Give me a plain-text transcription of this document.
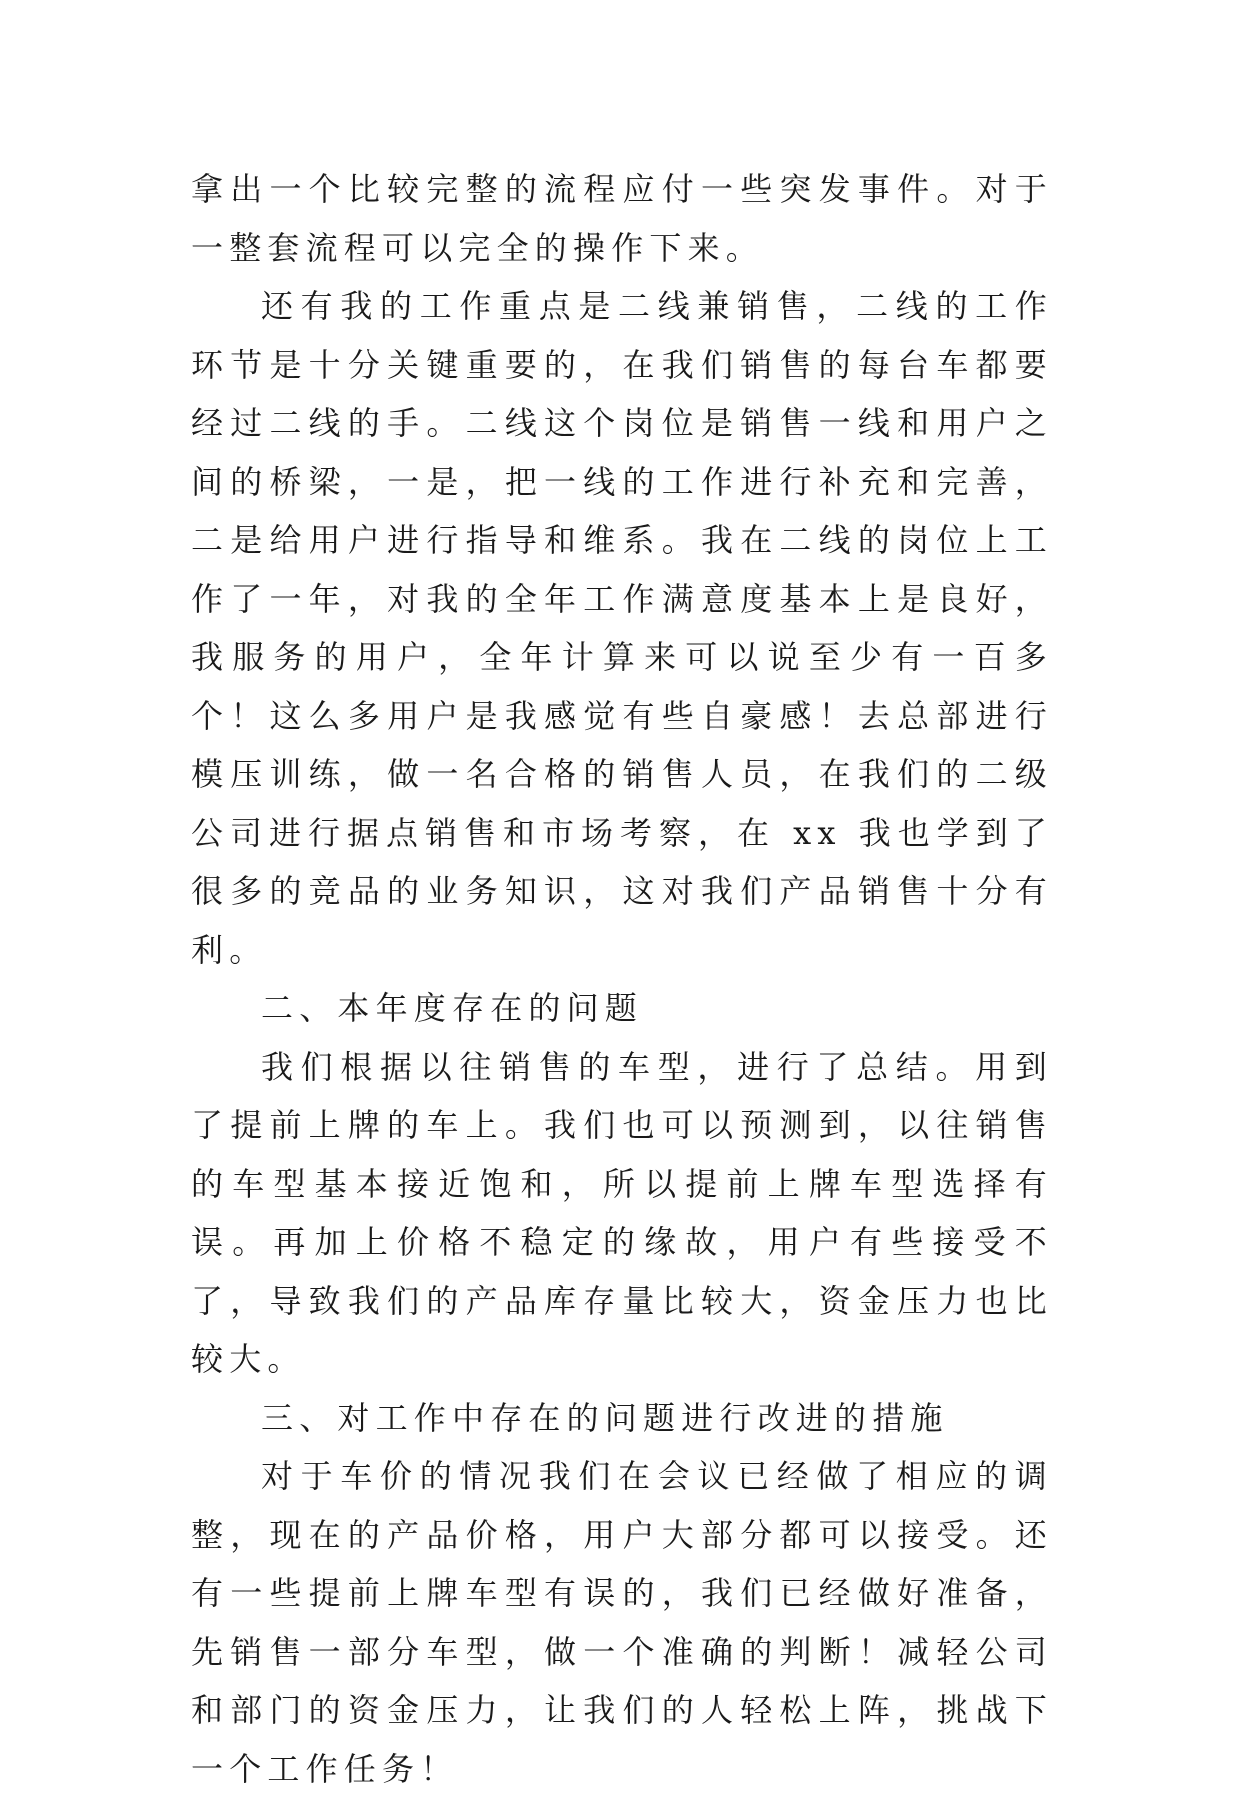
拿出一个比较完整的流程应付一些突发事件。对于一整套流程可以完全的操作下来。

还有我的工作重点是二线兼销售，二线的工作环节是十分关键重要的，在我们销售的每台车都要经过二线的手。二线这个岗位是销售一线和用户之间的桥梁，一是，把一线的工作进行补充和完善，二是给用户进行指导和维系。我在二线的岗位上工作了一年，对我的全年工作满意度基本上是良好，我服务的用户，全年计算来可以说至少有一百多个！这么多用户是我感觉有些自豪感！去总部进行模压训练，做一名合格的销售人员，在我们的二级公司进行据点销售和市场考察，在 xx 我也学到了很多的竞品的业务知识，这对我们产品销售十分有利。

二、本年度存在的问题

我们根据以往销售的车型，进行了总结。用到了提前上牌的车上。我们也可以预测到，以往销售的车型基本接近饱和，所以提前上牌车型选择有误。再加上价格不稳定的缘故，用户有些接受不了，导致我们的产品库存量比较大，资金压力也比较大。

三、对工作中存在的问题进行改进的措施

对于车价的情况我们在会议已经做了相应的调整，现在的产品价格，用户大部分都可以接受。还有一些提前上牌车型有误的，我们已经做好准备，先销售一部分车型，做一个准确的判断！减轻公司和部门的资金压力，让我们的人轻松上阵，挑战下一个工作任务！
